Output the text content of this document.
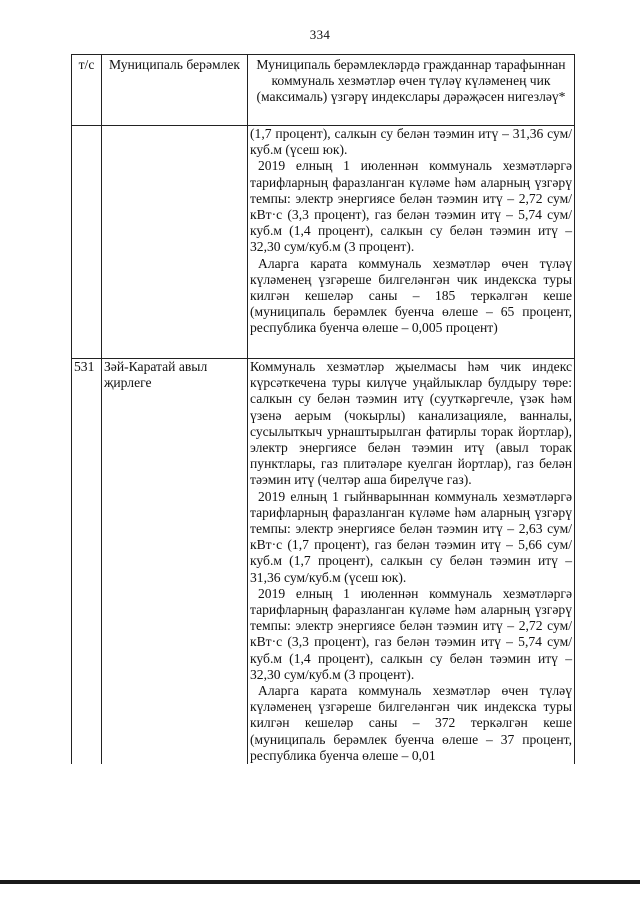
334
т/с	Муниципаль берәмлек	Муниципаль берәмлекләрдә гражданнар тарафыннан коммуналь хезмәтләр өчен түләү күләменең чик (максималь) үзгәрү индекслары дәрәҗәсен нигезләү*

		(1,7 процент), салкын су белән тәэмин итү – 31,36 сум/куб.м (үсеш юк).
2019 елның 1 июленнән коммуналь хезмәтләргә тарифларның фаразланган күләме һәм аларның үзгәрү темпы: электр энергиясе белән тәэмин итү – 2,72 сум/кВт·с (3,3 процент), газ белән тәэмин итү – 5,74 сум/куб.м (1,4 процент), салкын су белән тәэмин итү – 32,30 сум/куб.м (3 процент).
Аларга карата коммуналь хезмәтләр өчен түләү күләменең үзгәреше билгеләнгән чик индекска туры килгән кешеләр саны – 185 теркәлгән кеше (муниципаль берәмлек буенча өлеше – 65 процент, республика буенча өлеше – 0,005 процент)

531	Зәй-Каратай авыл җирлеге	Коммуналь хезмәтләр җыелмасы һәм чик индекс күрсәткечена туры килүче уңайлыклар булдыру төре: салкын су белән тәэмин итү (сууткәргечле, үзәк һәм үзенә аерым (чокырлы) канализацияле, ванналы, сусылыткыч урнаштырылган фатирлы торак йортлар), электр энергиясе белән тәэмин итү (авыл торак пунктлары, газ плитәләре куелган йортлар), газ белән тәэмин итү (челтәр аша бирелүче газ).
2019 елның 1 гыйнварыннан коммуналь хезмәтләргә тарифларның фаразланган күләме һәм аларның үзгәрү темпы: электр энергиясе белән тәэмин итү – 2,63 сум/кВт·с (1,7 процент), газ белән тәэмин итү – 5,66 сум/куб.м (1,7 процент), салкын су белән тәэмин итү – 31,36 сум/куб.м (үсеш юк).
2019 елның 1 июленнән коммуналь хезмәтләргә тарифларның фаразланган күләме һәм аларның үзгәрү темпы: электр энергиясе белән тәэмин итү – 2,72 сум/кВт·с (3,3 процент), газ белән тәэмин итү – 5,74 сум/куб.м (1,4 процент), салкын су белән тәэмин итү – 32,30 сум/куб.м (3 процент).
Аларга карата коммуналь хезмәтләр өчен түләү күләменең үзгәреше билгеләнгән чик индекска туры килгән кешеләр саны – 372 теркәлгән кеше (муниципаль берәмлек буенча өлеше – 37 процент, республика буенча өлеше – 0,01
